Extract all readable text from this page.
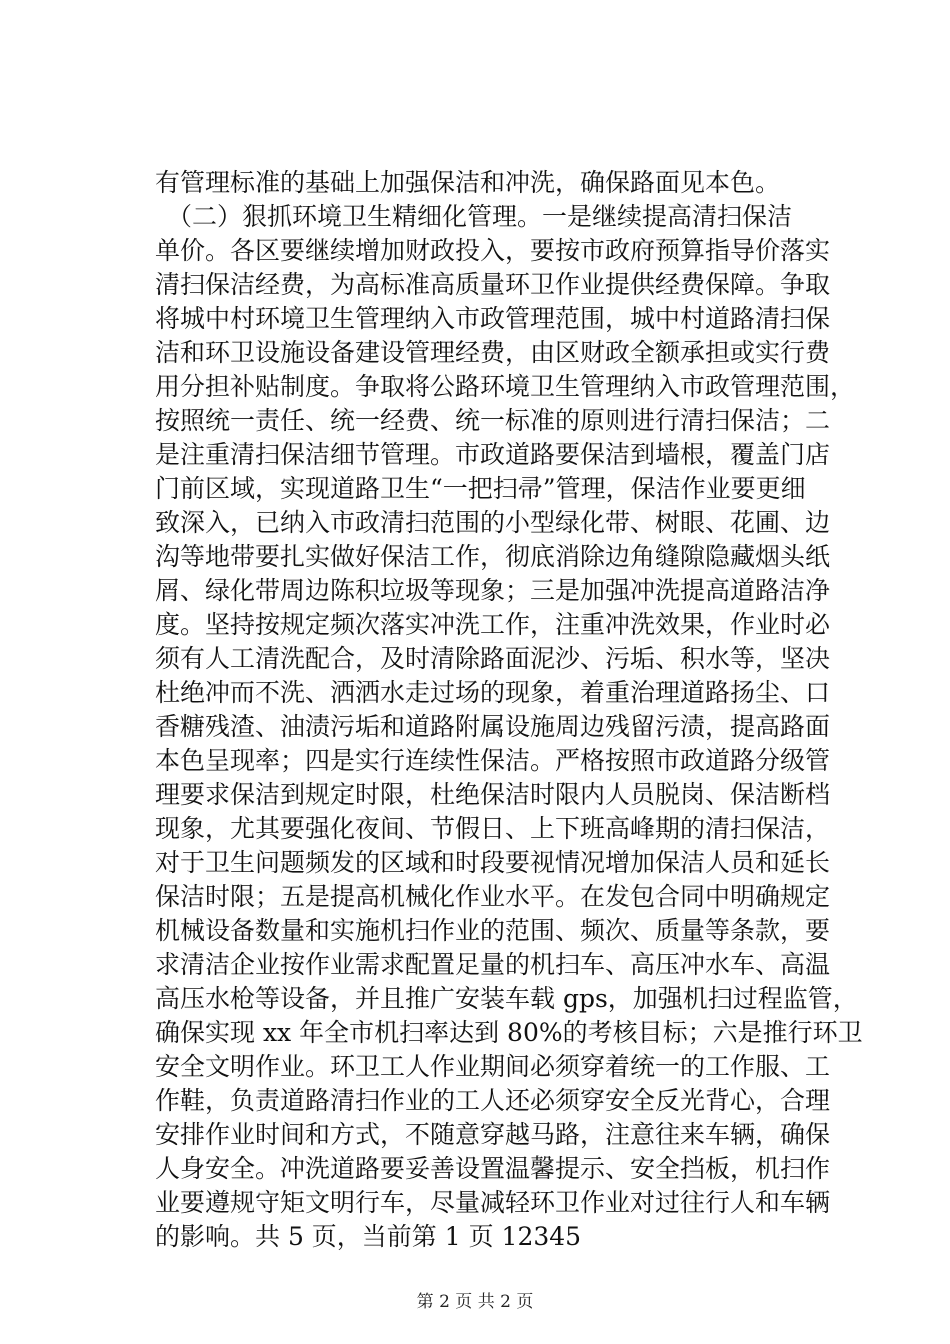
有管理标准的基础上加强保洁和冲洗，确保路面见本色。
（二）狠抓环境卫生精细化管理。一是继续提高清扫保洁
单价。各区要继续增加财政投入，要按市政府预算指导价落实
清扫保洁经费，为高标准高质量环卫作业提供经费保障。争取
将城中村环境卫生管理纳入市政管理范围，城中村道路清扫保
洁和环卫设施设备建设管理经费，由区财政全额承担或实行费
用分担补贴制度。争取将公路环境卫生管理纳入市政管理范围，
按照统一责任、统一经费、统一标准的原则进行清扫保洁；二
是注重清扫保洁细节管理。市政道路要保洁到墙根，覆盖门店
门前区域，实现道路卫生“一把扫帚”管理，保洁作业要更细
致深入，已纳入市政清扫范围的小型绿化带、树眼、花圃、边
沟等地带要扎实做好保洁工作，彻底消除边角缝隙隐藏烟头纸
屑、绿化带周边陈积垃圾等现象；三是加强冲洗提高道路洁净
度。坚持按规定频次落实冲洗工作，注重冲洗效果，作业时必
须有人工清洗配合，及时清除路面泥沙、污垢、积水等，坚决
杜绝冲而不洗、洒洒水走过场的现象，着重治理道路扬尘、口
香糖残渣、油渍污垢和道路附属设施周边残留污渍，提高路面
本色呈现率；四是实行连续性保洁。严格按照市政道路分级管
理要求保洁到规定时限，杜绝保洁时限内人员脱岗、保洁断档
现象，尤其要强化夜间、节假日、上下班高峰期的清扫保洁，
对于卫生问题频发的区域和时段要视情况增加保洁人员和延长
保洁时限；五是提高机械化作业水平。在发包合同中明确规定
机械设备数量和实施机扫作业的范围、频次、质量等条款，要
求清洁企业按作业需求配置足量的机扫车、高压冲水车、高温
高压水枪等设备，并且推广安装车载 gps，加强机扫过程监管，
确保实现 xx 年全市机扫率达到 80%的考核目标；六是推行环卫
安全文明作业。环卫工人作业期间必须穿着统一的工作服、工
作鞋，负责道路清扫作业的工人还必须穿安全反光背心，合理
安排作业时间和方式，不随意穿越马路，注意往来车辆，确保
人身安全。冲洗道路要妥善设置温馨提示、安全挡板，机扫作
业要遵规守矩文明行车，尽量减轻环卫作业对过往行人和车辆
的影响。共 5 页，当前第 1 页 12345
第 2 页 共 2 页
